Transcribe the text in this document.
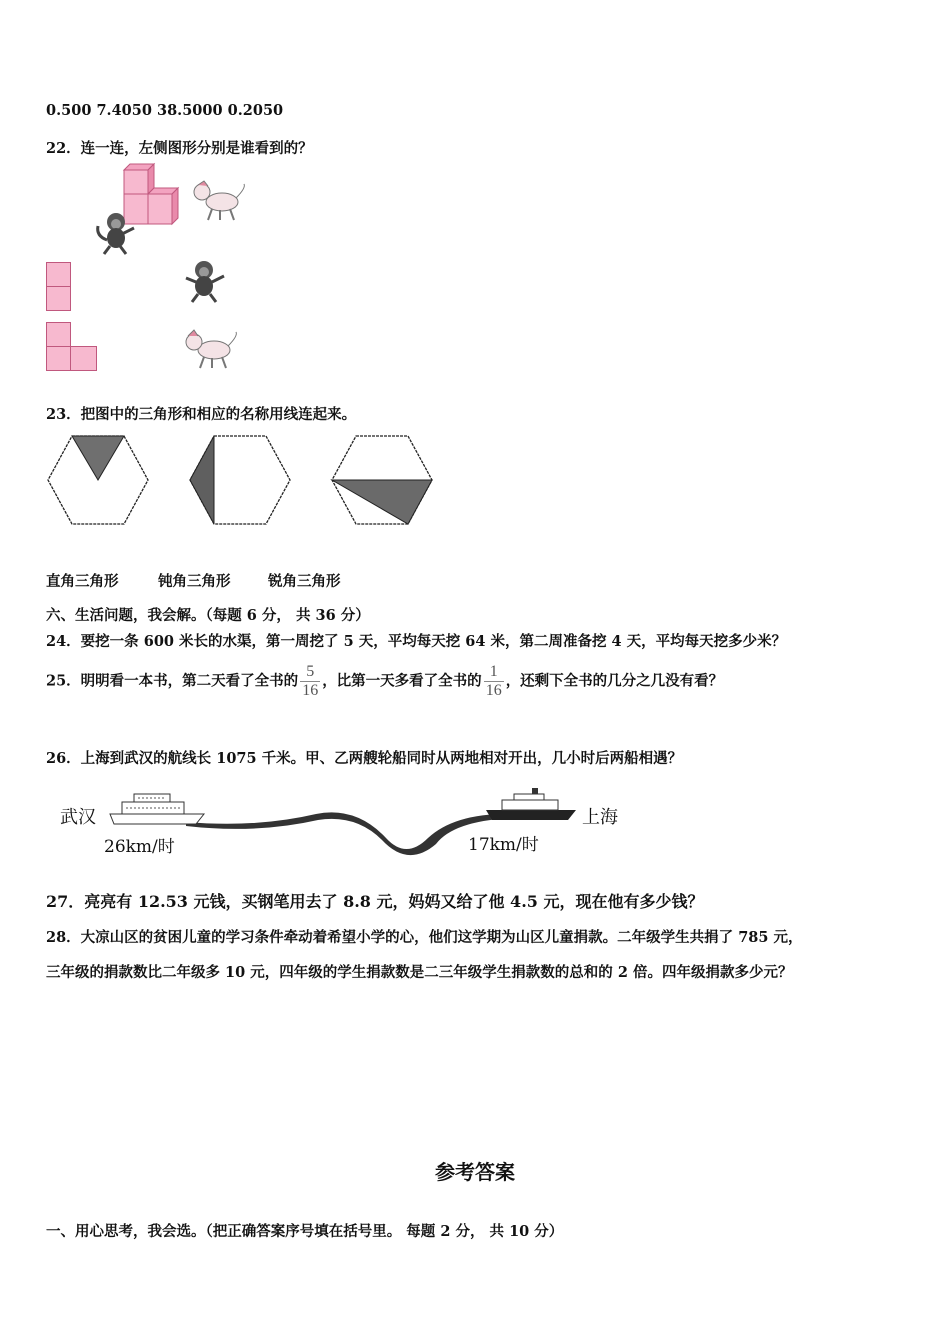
0.500 7.4050 38.5000 0.2050
22．连一连，左侧图形分别是谁看到的？
23．把图中的三角形和相应的名称用线连起来。
直角三角形	钝角三角形	锐角三角形
六、生活问题，我会解。（每题 6 分， 共 36 分）
24．要挖一条 600 米长的水渠，第一周挖了 5 天，平均每天挖 64 米，第二周准备挖 4 天，平均每天挖多少米？
25．明明看一本书，第二天看了全书的 $\frac{5}{16}$ ，比第一天多看了全书的 $\frac{1}{16}$ ，还剩下全书的几分之几没有看？
26．上海到武汉的航线长 1075 千米。甲、乙两艘轮船同时从两地相对开出，几小时后两船相遇？
武汉	上海
26km/时	17km/时
27．亮亮有 12.53 元钱，买钢笔用去了 8.8 元，妈妈又给了他 4.5 元，现在他有多少钱？
28．大凉山区的贫困儿童的学习条件牵动着希望小学的心，他们这学期为山区儿童捐款。二年级学生共捐了 785 元，
三年级的捐款数比二年级多 10 元，四年级的学生捐款数是二三年级学生捐款数的总和的 2 倍。四年级捐款多少元？
参考答案
一、用心思考，我会选。（把正确答案序号填在括号里。 每题 2 分， 共 10 分）
